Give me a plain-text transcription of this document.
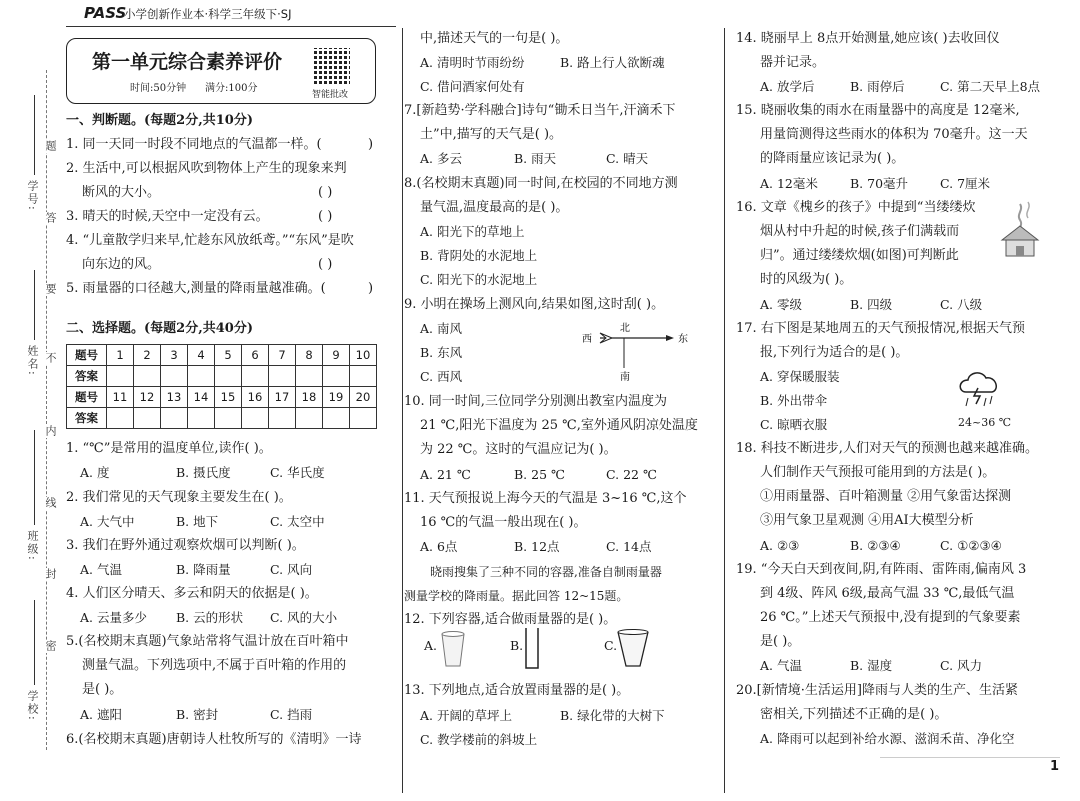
学号:
姓名:
班级:
学校:
题
答
要
不
内
线
封
密
PASS
小学创新作业本·科学三年级下·SJ
第一单元综合素养评价
时间:50分钟 满分:100分
智能批改
一、判断题。(每题2分,共10分)
1. 同一天同一时段不同地点的气温都一样。(	)
2. 生活中,可以根据风吹到物体上产生的现象来判
断风的大小。	( )
3. 晴天的时候,天空中一定没有云。	( )
4. “儿童散学归来早,忙趁东风放纸鸢。”“东风”是吹
向东边的风。	( )
5. 雨量器的口径越大,测量的降雨量越准确。(	)
二、选择题。(每题2分,共40分)
题号	1	2	3	4	5	6	7	8	9	10
答案										
题号	11	12	13	14	15	16	17	18	19	20
答案										
1. “℃”是常用的温度单位,读作( )。
A. 度	B. 摄氏度	C. 华氏度
2. 我们常见的天气现象主要发生在( )。
A. 大气中	B. 地下	C. 太空中
3. 我们在野外通过观察炊烟可以判断( )。
A. 气温	B. 降雨量	C. 风向
4. 人们区分晴天、多云和阴天的依据是( )。
A. 云量多少 B. 云的形状 C. 风的大小
5.(名校期末真题)气象站常将气温计放在百叶箱中
测量气温。下列选项中,不属于百叶箱的作用的
是( )。
A. 遮阳	B. 密封	C. 挡雨
6.(名校期末真题)唐朝诗人杜牧所写的《清明》一诗
中,描述天气的一句是( )。
A. 清明时节雨纷纷	B. 路上行人欲断魂
C. 借问酒家何处有
7.[新趋势·学科融合]诗句“锄禾日当午,汗滴禾下
土”中,描写的天气是( )。
A. 多云	B. 雨天	C. 晴天
8.(名校期末真题)同一时间,在校园的不同地方测
量气温,温度最高的是( )。
A. 阳光下的草地上
B. 背阴处的水泥地上
C. 阳光下的水泥地上
9. 小明在操场上测风向,结果如图,这时刮( )。
A. 南风
B. 东风
C. 西风
西
北
东
南
10. 同一时间,三位同学分别测出教室内温度为
21 ℃,阳光下温度为 25 ℃,室外通风阴凉处温度
为 22 ℃。这时的气温应记为( )。
A. 21 ℃	B. 25 ℃	C. 22 ℃
11. 天气预报说上海今天的气温是 3~16 ℃,这个
16 ℃的气温一般出现在( )。
A. 6点	B. 12点	C. 14点
晓雨搜集了三种不同的容器,准备自制雨量器
测量学校的降雨量。据此回答 12~15题。
12. 下列容器,适合做雨量器的是( )。
A.	B.	C.
13. 下列地点,适合放置雨量器的是( )。
A. 开阔的草坪上	B. 绿化带的大树下
C. 教学楼前的斜坡上
14. 晓丽早上 8点开始测量,她应该( )去收回仪
器并记录。
A. 放学后	B. 雨停后	C. 第二天早上8点
15. 晓丽收集的雨水在雨量器中的高度是 12毫米,
用量筒测得这些雨水的体积为 70毫升。这一天
的降雨量应该记录为( )。
A. 12毫米	B. 70毫升	C. 7厘米
16. 文章《槐乡的孩子》中提到“当缕缕炊
烟从村中升起的时候,孩子们满载而
归”。通过缕缕炊烟(如图)可判断此
时的风级为( )。
A. 零级	B. 四级	C. 八级
17. 右下图是某地周五的天气预报情况,根据天气预
报,下列行为适合的是( )。
A. 穿保暖服装
B. 外出带伞
C. 晾晒衣服	24~36 ℃
18. 科技不断进步,人们对天气的预测也越来越准确。
人们制作天气预报可能用到的方法是( )。
①用雨量器、百叶箱测量 ②用气象雷达探测
③用气象卫星观测 ④用AI大模型分析
A. ②③	B. ②③④	C. ①②③④
19. “今天白天到夜间,阴,有阵雨、雷阵雨,偏南风 3
到 4级、阵风 6级,最高气温 33 ℃,最低气温
26 ℃。”上述天气预报中,没有提到的气象要素
是( )。
A. 气温	B. 湿度	C. 风力
20.[新情境·生活运用]降雨与人类的生产、生活紧
密相关,下列描述不正确的是( )。
A. 降雨可以起到补给水源、滋润禾苗、净化空
1
